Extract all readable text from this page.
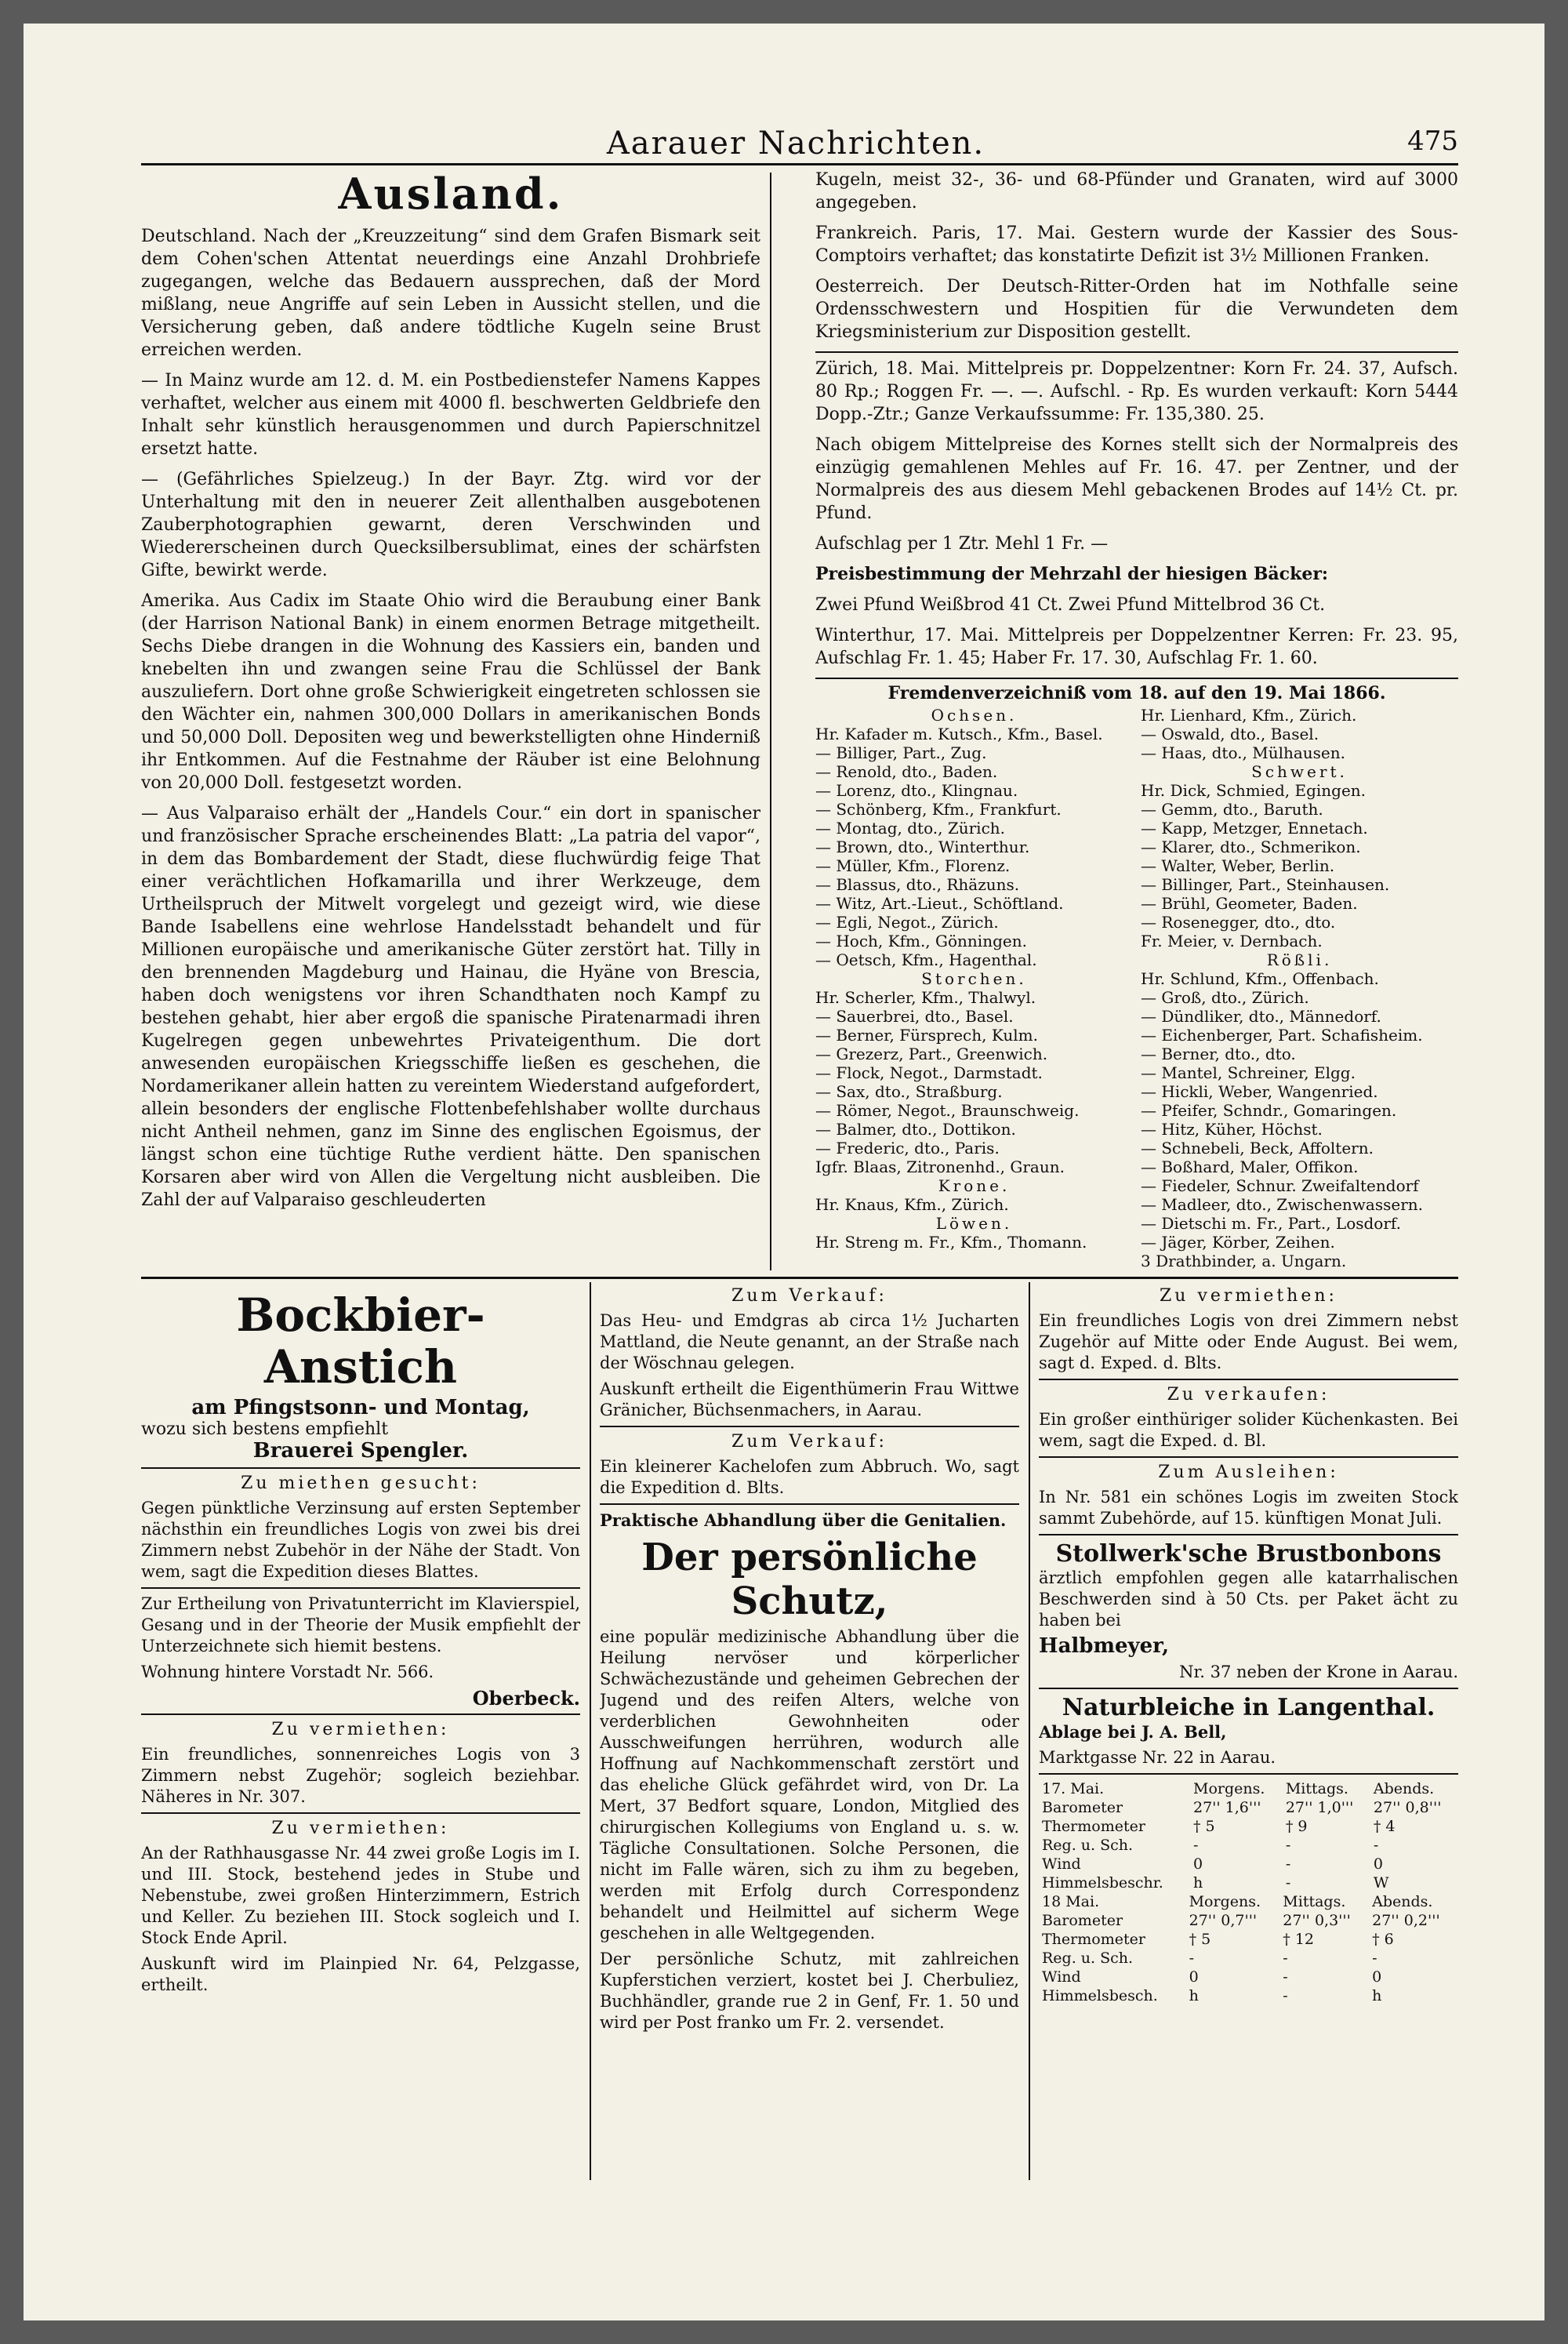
Aarauer Nachrichten.	475
Ausland.

Deutschland. Nach der „Kreuzzeitung“ sind dem Grafen Bismark seit dem Cohen'schen Attentat neuerdings eine Anzahl Drohbriefe zugegangen, welche das Bedauern aussprechen, daß der Mord mißlang, neue Angriffe auf sein Leben in Aussicht stellen, und die Versicherung geben, daß andere tödtliche Kugeln seine Brust erreichen werden.

— In Mainz wurde am 12. d. M. ein Postbedienstefer Namens Kappes verhaftet, welcher aus einem mit 4000 fl. beschwerten Geldbriefe den Inhalt sehr künstlich herausgenommen und durch Papierschnitzel ersetzt hatte.

— (Gefährliches Spielzeug.) In der Bayr. Ztg. wird vor der Unterhaltung mit den in neuerer Zeit allenthalben ausgebotenen Zauberphotographien gewarnt, deren Verschwinden und Wiedererscheinen durch Quecksilbersublimat, eines der schärfsten Gifte, bewirkt werde.

Amerika. Aus Cadix im Staate Ohio wird die Beraubung einer Bank (der Harrison National Bank) in einem enormen Betrage mitgetheilt. Sechs Diebe drangen in die Wohnung des Kassiers ein, banden und knebelten ihn und zwangen seine Frau die Schlüssel der Bank auszuliefern. Dort ohne große Schwierigkeit eingetreten schlossen sie den Wächter ein, nahmen 300,000 Dollars in amerikanischen Bonds und 50,000 Doll. Depositen weg und bewerkstelligten ohne Hinderniß ihr Entkommen. Auf die Festnahme der Räuber ist eine Belohnung von 20,000 Doll. festgesetzt worden.

— Aus Valparaiso erhält der „Handels Cour.“ ein dort in spanischer und französischer Sprache erscheinendes Blatt: „La patria del vapor“, in dem das Bombardement der Stadt, diese fluchwürdig feige That einer verächtlichen Hofkamarilla und ihrer Werkzeuge, dem Urtheilspruch der Mitwelt vorgelegt und gezeigt wird, wie diese Bande Isabellens eine wehrlose Handelsstadt behandelt und für Millionen europäische und amerikanische Güter zerstört hat. Tilly in den brennenden Magdeburg und Hainau, die Hyäne von Brescia, haben doch wenigstens vor ihren Schandthaten noch Kampf zu bestehen gehabt, hier aber ergoß die spanische Piratenarmadi ihren Kugelregen gegen unbewehrtes Privateigenthum. Die dort anwesenden europäischen Kriegsschiffe ließen es geschehen, die Nordamerikaner allein hatten zu vereintem Wiederstand aufgefordert, allein besonders der englische Flottenbefehlshaber wollte durchaus nicht Antheil nehmen, ganz im Sinne des englischen Egoismus, der längst schon eine tüchtige Ruthe verdient hätte. Den spanischen Korsaren aber wird von Allen die Vergeltung nicht ausbleiben. Die Zahl der auf Valparaiso geschleuderten

Kugeln, meist 32-, 36- und 68-Pfünder und Granaten, wird auf 3000 angegeben.

Frankreich. Paris, 17. Mai. Gestern wurde der Kassier des Sous-Comptoirs verhaftet; das konstatirte Defizit ist 3½ Millionen Franken.

Oesterreich. Der Deutsch-Ritter-Orden hat im Nothfalle seine Ordensschwestern und Hospitien für die Verwundeten dem Kriegsministerium zur Disposition gestellt.

Zürich, 18. Mai. Mittelpreis pr. Doppelzentner: Korn Fr. 24. 37, Aufsch. 80 Rp.; Roggen Fr. —. —. Aufschl. - Rp. Es wurden verkauft: Korn 5444 Dopp.-Ztr.; Ganze Verkaufssumme: Fr. 135,380. 25.

Nach obigem Mittelpreise des Kornes stellt sich der Normalpreis des einzügig gemahlenen Mehles auf Fr. 16. 47. per Zentner, und der Normalpreis des aus diesem Mehl gebackenen Brodes auf 14½ Ct. pr. Pfund.

Aufschlag per 1 Ztr. Mehl 1 Fr. —

Preisbestimmung der Mehrzahl der hiesigen Bäcker:

Zwei Pfund Weißbrod 41 Ct. Zwei Pfund Mittelbrod 36 Ct.

Winterthur, 17. Mai. Mittelpreis per Doppelzentner Kerren: Fr. 23. 95, Aufschlag Fr. 1. 45; Haber Fr. 17. 30, Aufschlag Fr. 1. 60.

Fremdenverzeichniß vom 18. auf den 19. Mai 1866.
Ochsen.
Hr. Kafader m. Kutsch., Kfm., Basel.
— Billiger, Part., Zug.
— Renold, dto., Baden.
— Lorenz, dto., Klingnau.
— Schönberg, Kfm., Frankfurt.
— Montag, dto., Zürich.
— Brown, dto., Winterthur.
— Müller, Kfm., Florenz.
— Blassus, dto., Rhäzuns.
— Witz, Art.-Lieut., Schöftland.
— Egli, Negot., Zürich.
— Hoch, Kfm., Gönningen.
— Oetsch, Kfm., Hagenthal.
Storchen.
Hr. Scherler, Kfm., Thalwyl.
— Sauerbrei, dto., Basel.
— Berner, Fürsprech, Kulm.
— Grezerz, Part., Greenwich.
— Flock, Negot., Darmstadt.
— Sax, dto., Straßburg.
— Römer, Negot., Braunschweig.
— Balmer, dto., Dottikon.
— Frederic, dto., Paris.
Igfr. Blaas, Zitronenhd., Graun.
Krone.
Hr. Knaus, Kfm., Zürich.
Löwen.
Hr. Streng m. Fr., Kfm., Thomann.
Hr. Lienhard, Kfm., Zürich.
— Oswald, dto., Basel.
— Haas, dto., Mülhausen.
Schwert.
Hr. Dick, Schmied, Egingen.
— Gemm, dto., Baruth.
— Kapp, Metzger, Ennetach.
— Klarer, dto., Schmerikon.
— Walter, Weber, Berlin.
— Billinger, Part., Steinhausen.
— Brühl, Geometer, Baden.
— Rosenegger, dto., dto.
Fr. Meier, v. Dernbach.
Rößli.
Hr. Schlund, Kfm., Offenbach.
— Groß, dto., Zürich.
— Dündliker, dto., Männedorf.
— Eichenberger, Part. Schafisheim.
— Berner, dto., dto.
— Mantel, Schreiner, Elgg.
— Hickli, Weber, Wangenried.
— Pfeifer, Schndr., Gomaringen.
— Hitz, Küher, Höchst.
— Schnebeli, Beck, Affoltern.
— Boßhard, Maler, Offikon.
— Fiedeler, Schnur. Zweifaltendorf
— Madleer, dto., Zwischenwassern.
— Dietschi m. Fr., Part., Losdorf.
— Jäger, Körber, Zeihen.
3 Drathbinder, a. Ungarn.
Bockbier-Anstich
am Pfingstsonn- und Montag,
wozu sich bestens empfiehlt
Brauerei Spengler.
Zu miethen gesucht:

Gegen pünktliche Verzinsung auf ersten September nächsthin ein freundliches Logis von zwei bis drei Zimmern nebst Zubehör in der Nähe der Stadt. Von wem, sagt die Expedition dieses Blattes.

Zur Ertheilung von Privatunterricht im Klavierspiel, Gesang und in der Theorie der Musik empfiehlt der Unterzeichnete sich hiemit bestens.

Wohnung hintere Vorstadt Nr. 566.

Oberbeck.

Zu vermiethen:

Ein freundliches, sonnenreiches Logis von 3 Zimmern nebst Zugehör; sogleich beziehbar. Näheres in Nr. 307.

Zu vermiethen:

An der Rathhausgasse Nr. 44 zwei große Logis im I. und III. Stock, bestehend jedes in Stube und Nebenstube, zwei großen Hinterzimmern, Estrich und Keller. Zu beziehen III. Stock sogleich und I. Stock Ende April.

Auskunft wird im Plainpied Nr. 64, Pelzgasse, ertheilt.

Zum Verkauf:

Das Heu- und Emdgras ab circa 1½ Jucharten Mattland, die Neute genannt, an der Straße nach der Wöschnau gelegen.

Auskunft ertheilt die Eigenthümerin Frau Wittwe Gränicher, Büchsenmachers, in Aarau.

Zum Verkauf:

Ein kleinerer Kachelofen zum Abbruch. Wo, sagt die Expedition d. Blts.

Praktische Abhandlung über die Genitalien.

Der persönliche Schutz,

eine populär medizinische Abhandlung über die Heilung nervöser und körperlicher Schwächezustände und geheimen Gebrechen der Jugend und des reifen Alters, welche von verderblichen Gewohnheiten oder Ausschweifungen herrühren, wodurch alle Hoffnung auf Nachkommenschaft zerstört und das eheliche Glück gefährdet wird, von Dr. La Mert, 37 Bedfort square, London, Mitglied des chirurgischen Kollegiums von England u. s. w. Tägliche Consultationen. Solche Personen, die nicht im Falle wären, sich zu ihm zu begeben, werden mit Erfolg durch Correspondenz behandelt und Heilmittel auf sicherm Wege geschehen in alle Weltgegenden.

Der persönliche Schutz, mit zahlreichen Kupferstichen verziert, kostet bei J. Cherbuliez, Buchhändler, grande rue 2 in Genf, Fr. 1. 50 und wird per Post franko um Fr. 2. versendet.

Zu vermiethen:

Ein freundliches Logis von drei Zimmern nebst Zugehör auf Mitte oder Ende August. Bei wem, sagt d. Exped. d. Blts.

Zu verkaufen:

Ein großer einthüriger solider Küchenkasten. Bei wem, sagt die Exped. d. Bl.

Zum Ausleihen:

In Nr. 581 ein schönes Logis im zweiten Stock sammt Zubehörde, auf 15. künftigen Monat Juli.

Stollwerk'sche Brustbonbons

ärztlich empfohlen gegen alle katarrhalischen Beschwerden sind à 50 Cts. per Paket ächt zu haben bei

Halbmeyer,

Nr. 37 neben der Krone in Aarau.

Naturbleiche in Langenthal.

Ablage bei J. A. Bell,

Marktgasse Nr. 22 in Aarau.

17. Mai.	Morgens.	Mittags.	Abends.
Barometer	27'' 1,6'''	27'' 1,0'''	27'' 0,8'''
Thermometer	† 5	† 9	† 4
Reg. u. Sch.	-	-	-
Wind	0	-	0
Himmelsbeschr.	h	-	W
18 Mai.	Morgens.	Mittags.	Abends.
Barometer	27'' 0,7'''	27'' 0,3'''	27'' 0,2'''
Thermometer	† 5	† 12	† 6
Reg. u. Sch.	-	-	-
Wind	0	-	0
Himmelsbesch.	h	-	h
